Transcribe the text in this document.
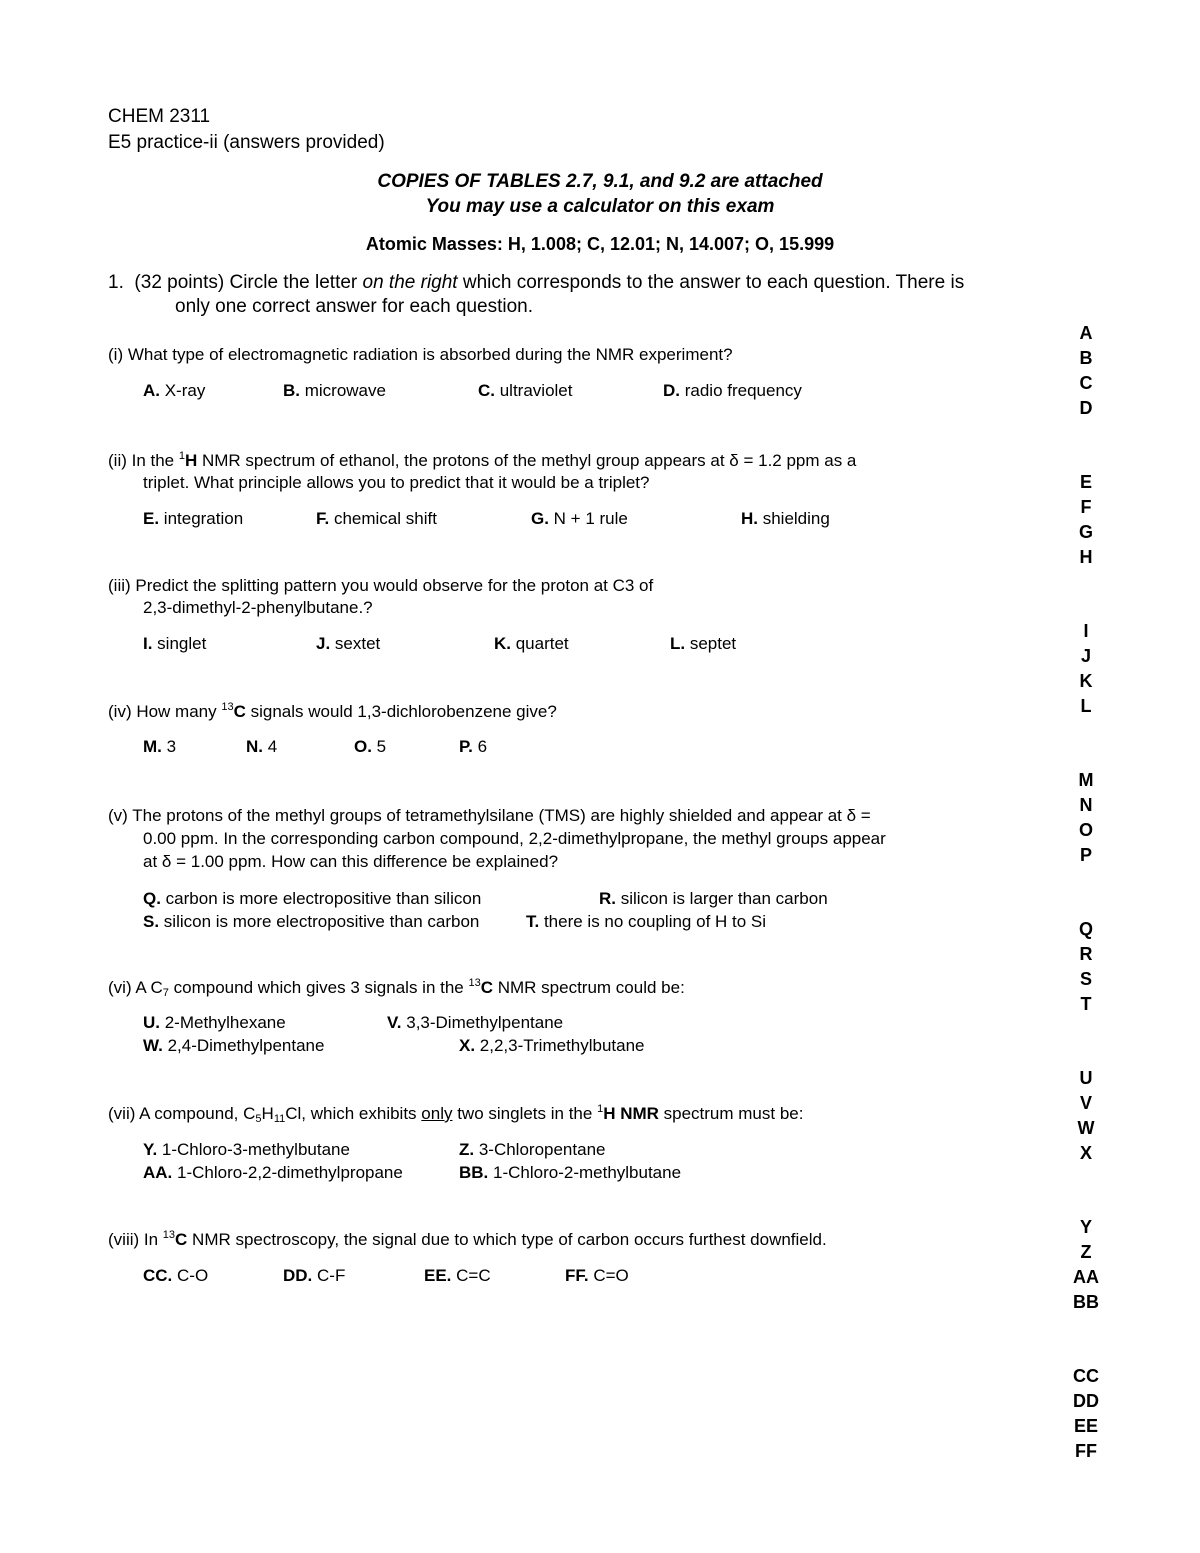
CHEM 2311
E5 practice-ii (answers provided)
COPIES OF TABLES 2.7, 9.1, and 9.2 are attached
You may use a calculator on this exam
Atomic Masses: H, 1.008; C, 12.01; N, 14.007; O, 15.999
1. (32 points) Circle the letter on the right which corresponds to the answer to each question. There is
only one correct answer for each question.
(i) What type of electromagnetic radiation is absorbed during the NMR experiment?
A. X-ray	B. microwave	C. ultraviolet	D. radio frequency
(ii) In the $^1$H NMR spectrum of ethanol, the protons of the methyl group appears at δ = 1.2 ppm as a
triplet. What principle allows you to predict that it would be a triplet?
E. integration	F. chemical shift	G. N + 1 rule	H. shielding
(iii) Predict the splitting pattern you would observe for the proton at C3 of
2,3-dimethyl-2-phenylbutane.?
I. singlet	J. sextet	K. quartet	L. septet
(iv) How many $^{13}$C signals would 1,3-dichlorobenzene give?
M. 3	N. 4	O. 5	P. 6
(v) The protons of the methyl groups of tetramethylsilane (TMS) are highly shielded and appear at δ =
0.00 ppm. In the corresponding carbon compound, 2,2-dimethylpropane, the methyl groups appear
at δ = 1.00 ppm. How can this difference be explained?
Q. carbon is more electropositive than silicon	R. silicon is larger than carbon
S. silicon is more electropositive than carbon	T. there is no coupling of H to Si
(vi) A $C_7$ compound which gives 3 signals in the $^{13}$C NMR spectrum could be:
U. 2-Methylhexane	V. 3,3-Dimethylpentane
W. 2,4-Dimethylpentane	X. 2,2,3-Trimethylbutane
(vii) A compound, $C_5H_{11}Cl$, which exhibits only two singlets in the $^1$H NMR spectrum must be:
Y. 1-Chloro-3-methylbutane	Z. 3-Chloropentane
AA. 1-Chloro-2,2-dimethylpropane	BB. 1-Chloro-2-methylbutane
(viii) In $^{13}$C NMR spectroscopy, the signal due to which type of carbon occurs furthest downfield.
CC. C-O	DD. C-F	EE. C=C	FF. C=O
A
B
C
D
E
F
G
H
I
J
K
L
M
N
O
P
Q
R
S
T
U
V
W
X
Y
Z
AA
BB
CC
DD
EE
FF
